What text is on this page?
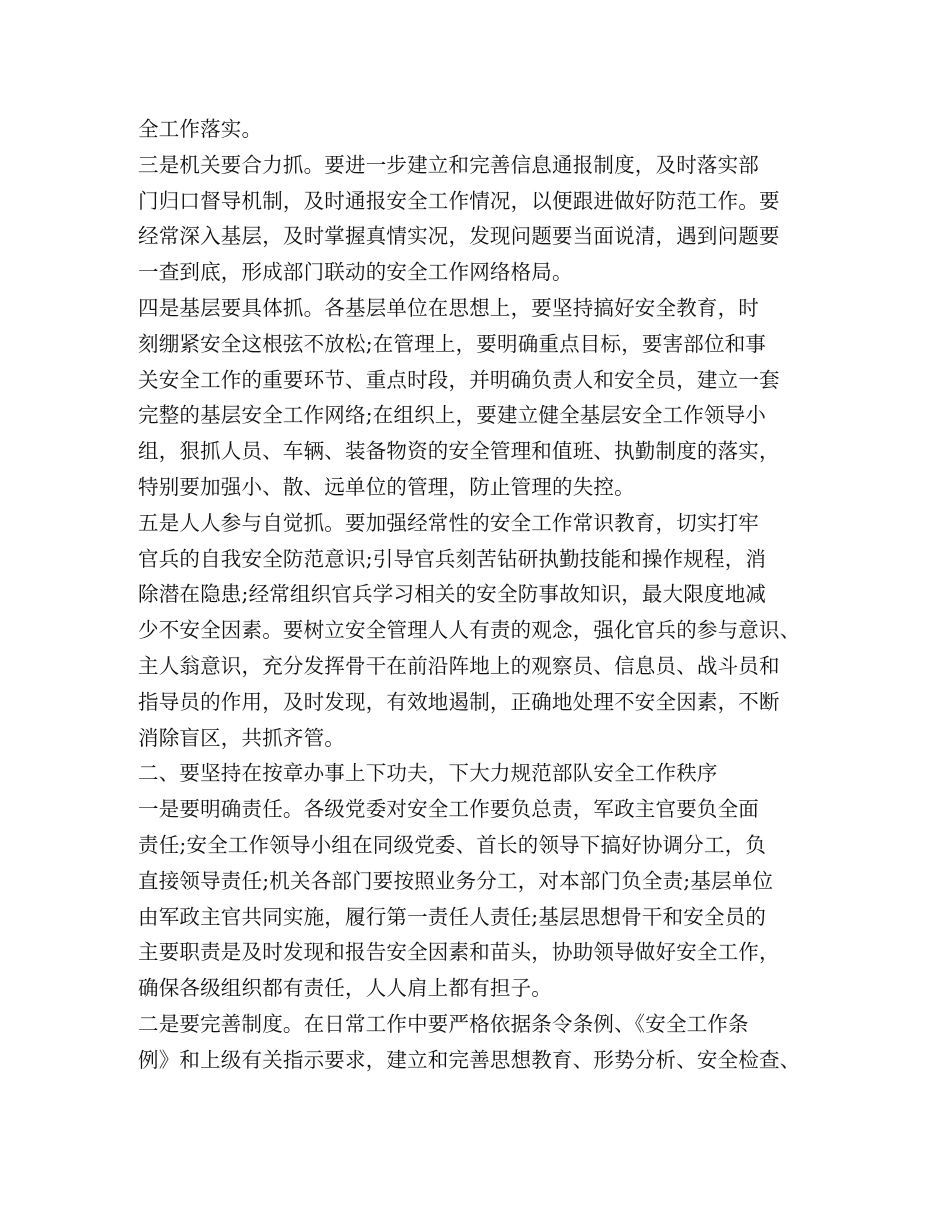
全工作落实。
三是机关要合力抓。要进一步建立和完善信息通报制度，及时落实部
门归口督导机制，及时通报安全工作情况，以便跟进做好防范工作。要
经常深入基层，及时掌握真情实况，发现问题要当面说清，遇到问题要
一查到底，形成部门联动的安全工作网络格局。
四是基层要具体抓。各基层单位在思想上，要坚持搞好安全教育，时
刻绷紧安全这根弦不放松;在管理上，要明确重点目标，要害部位和事
关安全工作的重要环节、重点时段，并明确负责人和安全员，建立一套
完整的基层安全工作网络;在组织上，要建立健全基层安全工作领导小
组，狠抓人员、车辆、装备物资的安全管理和值班、执勤制度的落实，
特别要加强小、散、远单位的管理，防止管理的失控。
五是人人参与自觉抓。要加强经常性的安全工作常识教育，切实打牢
官兵的自我安全防范意识;引导官兵刻苦钻研执勤技能和操作规程，消
除潜在隐患;经常组织官兵学习相关的安全防事故知识，最大限度地减
少不安全因素。要树立安全管理人人有责的观念，强化官兵的参与意识、
主人翁意识，充分发挥骨干在前沿阵地上的观察员、信息员、战斗员和
指导员的作用，及时发现，有效地遏制，正确地处理不安全因素，不断
消除盲区，共抓齐管。
二、要坚持在按章办事上下功夫，下大力规范部队安全工作秩序
一是要明确责任。各级党委对安全工作要负总责，军政主官要负全面
责任;安全工作领导小组在同级党委、首长的领导下搞好协调分工，负
直接领导责任;机关各部门要按照业务分工，对本部门负全责;基层单位
由军政主官共同实施，履行第一责任人责任;基层思想骨干和安全员的
主要职责是及时发现和报告安全因素和苗头，协助领导做好安全工作，
确保各级组织都有责任，人人肩上都有担子。
二是要完善制度。在日常工作中要严格依据条令条例、《安全工作条
例》和上级有关指示要求，建立和完善思想教育、形势分析、安全检查、
